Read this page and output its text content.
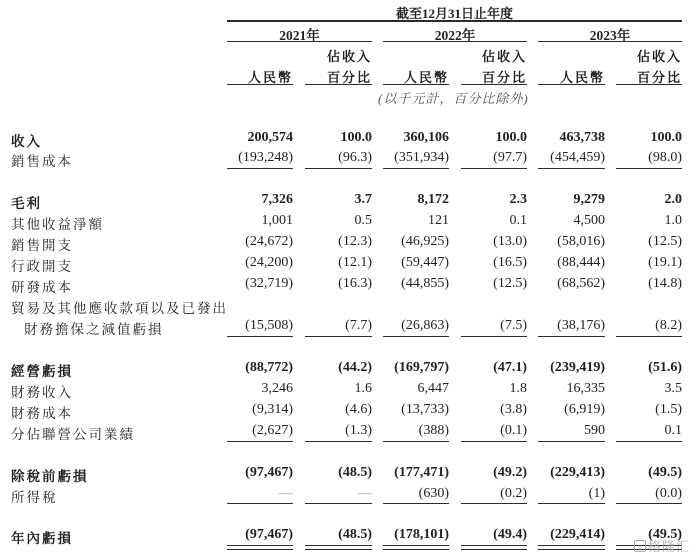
截至12月31日止年度
2021年	2022年	2023年
佔收入	佔收入	佔收入
人民幣	百分比	人民幣	百分比	人民幣	百分比
(以千元計，百分比除外)
收入	200,574	100.0	360,106	100.0	463,738	100.0
銷售成本	(193,248)	(96.3)	(351,934)	(97.7)	(454,459)	(98.0)
毛利	7,326	3.7	8,172	2.3	9,279	2.0
其他收益淨額	1,001	0.5	121	0.1	4,500	1.0
銷售開支	(24,672)	(12.3)	(46,925)	(13.0)	(58,016)	(12.5)
行政開支	(24,200)	(12.1)	(59,447)	(16.5)	(88,444)	(19.1)
研發成本	(32,719)	(16.3)	(44,855)	(12.5)	(68,562)	(14.8)
貿易及其他應收款項以及已發出
財務擔保之減值虧損	(15,508)	(7.7)	(26,863)	(7.5)	(38,176)	(8.2)
經營虧損	(88,772)	(44.2)	(169,797)	(47.1)	(239,419)	(51.6)
財務收入	3,246	1.6	6,447	1.8	16,335	3.5
財務成本	(9,314)	(4.6)	(13,733)	(3.8)	(6,919)	(1.5)
分佔聯營公司業績	(2,627)	(1.3)	(388)	(0.1)	590	0.1
除稅前虧損	(97,467)	(48.5)	(177,471)	(49.2)	(229,413)	(49.5)
所得稅	—	—	(630)	(0.2)	(1)	(0.0)
年內虧損	(97,467)	(48.5)	(178,101)	(49.4)	(229,414)	(49.5)
格隆汇
